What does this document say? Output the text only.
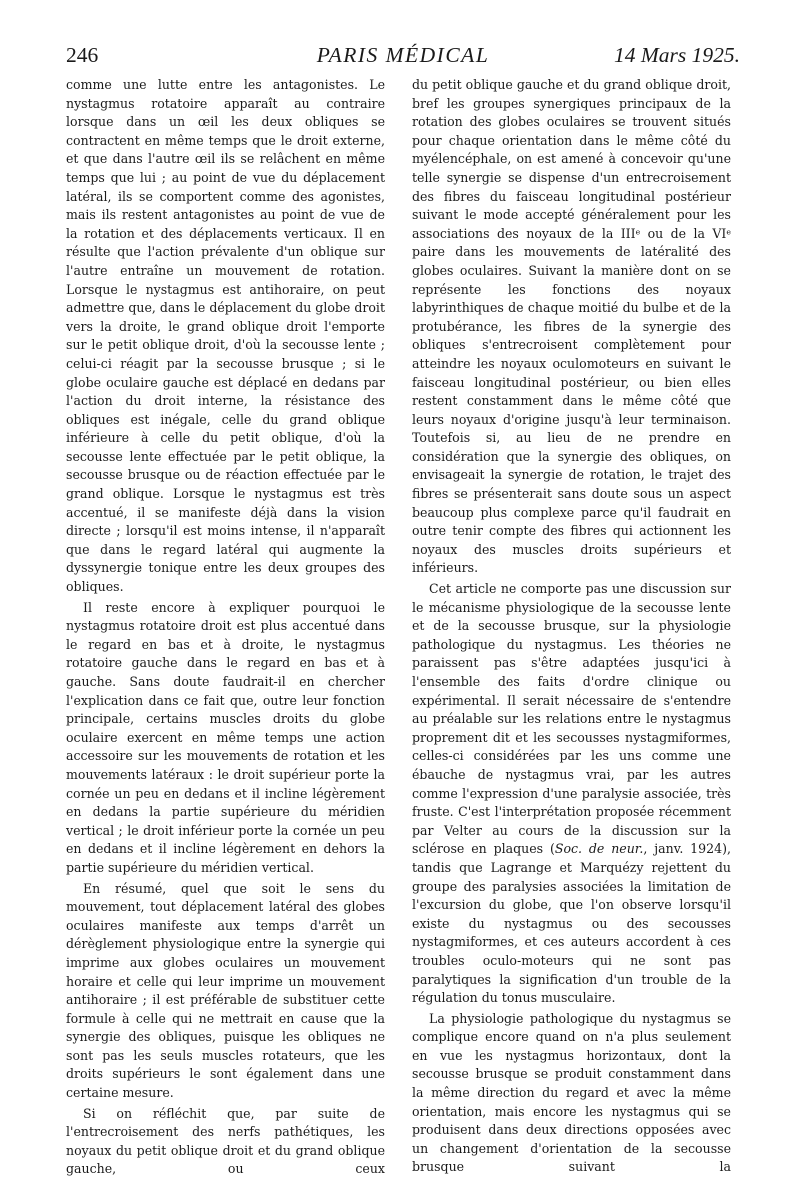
246	PARIS MÉDICAL	14 Mars 1925.

comme une lutte entre les antagonistes. Le nystagmus rotatoire apparaît au contraire lorsque dans un œil les deux obliques se contractent en même temps que le droit externe, et que dans l'autre œil ils se relâchent en même temps que lui ; au point de vue du déplacement latéral, ils se comportent comme des agonistes, mais ils restent antagonistes au point de vue de la rotation et des déplacements verticaux. Il en résulte que l'action prévalente d'un oblique sur l'autre entraîne un mouvement de rotation. Lorsque le nystagmus est antihoraire, on peut admettre que, dans le déplacement du globe droit vers la droite, le grand oblique droit l'emporte sur le petit oblique droit, d'où la secousse lente ; celui-ci réagit par la secousse brusque ; si le globe oculaire gauche est déplacé en dedans par l'action du droit interne, la résistance des obliques est inégale, celle du grand oblique inférieure à celle du petit oblique, d'où la secousse lente effectuée par le petit oblique, la secousse brusque ou de réaction effectuée par le grand oblique. Lorsque le nystagmus est très accentué, il se manifeste déjà dans la vision directe ; lorsqu'il est moins intense, il n'apparaît que dans le regard latéral qui augmente la dyssynergie tonique entre les deux groupes des obliques.

Il reste encore à expliquer pourquoi le nystagmus rotatoire droit est plus accentué dans le regard en bas et à droite, le nystagmus rotatoire gauche dans le regard en bas et à gauche. Sans doute faudrait-il en chercher l'explication dans ce fait que, outre leur fonction principale, certains muscles droits du globe oculaire exercent en même temps une action accessoire sur les mouvements de rotation et les mouvements latéraux : le droit supérieur porte la cornée un peu en dedans et il incline légèrement en dedans la partie supérieure du méridien vertical ; le droit inférieur porte la cornée un peu en dedans et il incline légèrement en dehors la partie supérieure du méridien vertical.

En résumé, quel que soit le sens du mouvement, tout déplacement latéral des globes oculaires manifeste aux temps d'arrêt un dérèglement physiologique entre la synergie qui imprime aux globes oculaires un mouvement horaire et celle qui leur imprime un mouvement antihoraire ; il est préférable de substituer cette formule à celle qui ne mettrait en cause que la synergie des obliques, puisque les obliques ne sont pas les seuls muscles rotateurs, que les droits supérieurs le sont également dans une certaine mesure.

Si on réfléchit que, par suite de l'entrecroisement des nerfs pathétiques, les noyaux du petit oblique droit et du grand oblique gauche, ou ceux

du petit oblique gauche et du grand oblique droit, bref les groupes synergiques principaux de la rotation des globes oculaires se trouvent situés pour chaque orientation dans le même côté du myélencéphale, on est amené à concevoir qu'une telle synergie se dispense d'un entrecroisement des fibres du faisceau longitudinal postérieur suivant le mode accepté généralement pour les associations des noyaux de la IIIe ou de la VIe paire dans les mouvements de latéralité des globes oculaires. Suivant la manière dont on se représente les fonctions des noyaux labyrinthiques de chaque moitié du bulbe et de la protubérance, les fibres de la synergie des obliques s'entrecroisent complètement pour atteindre les noyaux oculomoteurs en suivant le faisceau longitudinal postérieur, ou bien elles restent constamment dans le même côté que leurs noyaux d'origine jusqu'à leur terminaison. Toutefois si, au lieu de ne prendre en considération que la synergie des obliques, on envisageait la synergie de rotation, le trajet des fibres se présenterait sans doute sous un aspect beaucoup plus complexe parce qu'il faudrait en outre tenir compte des fibres qui actionnent les noyaux des muscles droits supérieurs et inférieurs.

Cet article ne comporte pas une discussion sur le mécanisme physiologique de la secousse lente et de la secousse brusque, sur la physiologie pathologique du nystagmus. Les théories ne paraissent pas s'être adaptées jusqu'ici à l'ensemble des faits d'ordre clinique ou expérimental. Il serait nécessaire de s'entendre au préalable sur les relations entre le nystagmus proprement dit et les secousses nystagmiformes, celles-ci considérées par les uns comme une ébauche de nystagmus vrai, par les autres comme l'expression d'une paralysie associée, très fruste. C'est l'interprétation proposée récemment par Velter au cours de la discussion sur la sclérose en plaques (Soc. de neur., janv. 1924), tandis que Lagrange et Marquézy rejettent du groupe des paralysies associées la limitation de l'excursion du globe, que l'on observe lorsqu'il existe du nystagmus ou des secousses nystagmiformes, et ces auteurs accordent à ces troubles oculo-moteurs qui ne sont pas paralytiques la signification d'un trouble de la régulation du tonus musculaire.

La physiologie pathologique du nystagmus se complique encore quand on n'a plus seulement en vue les nystagmus horizontaux, dont la secousse brusque se produit constamment dans la même direction du regard et avec la même orientation, mais encore les nystagmus qui se produisent dans deux directions opposées avec un changement d'orientation de la secousse brusque suivant la
